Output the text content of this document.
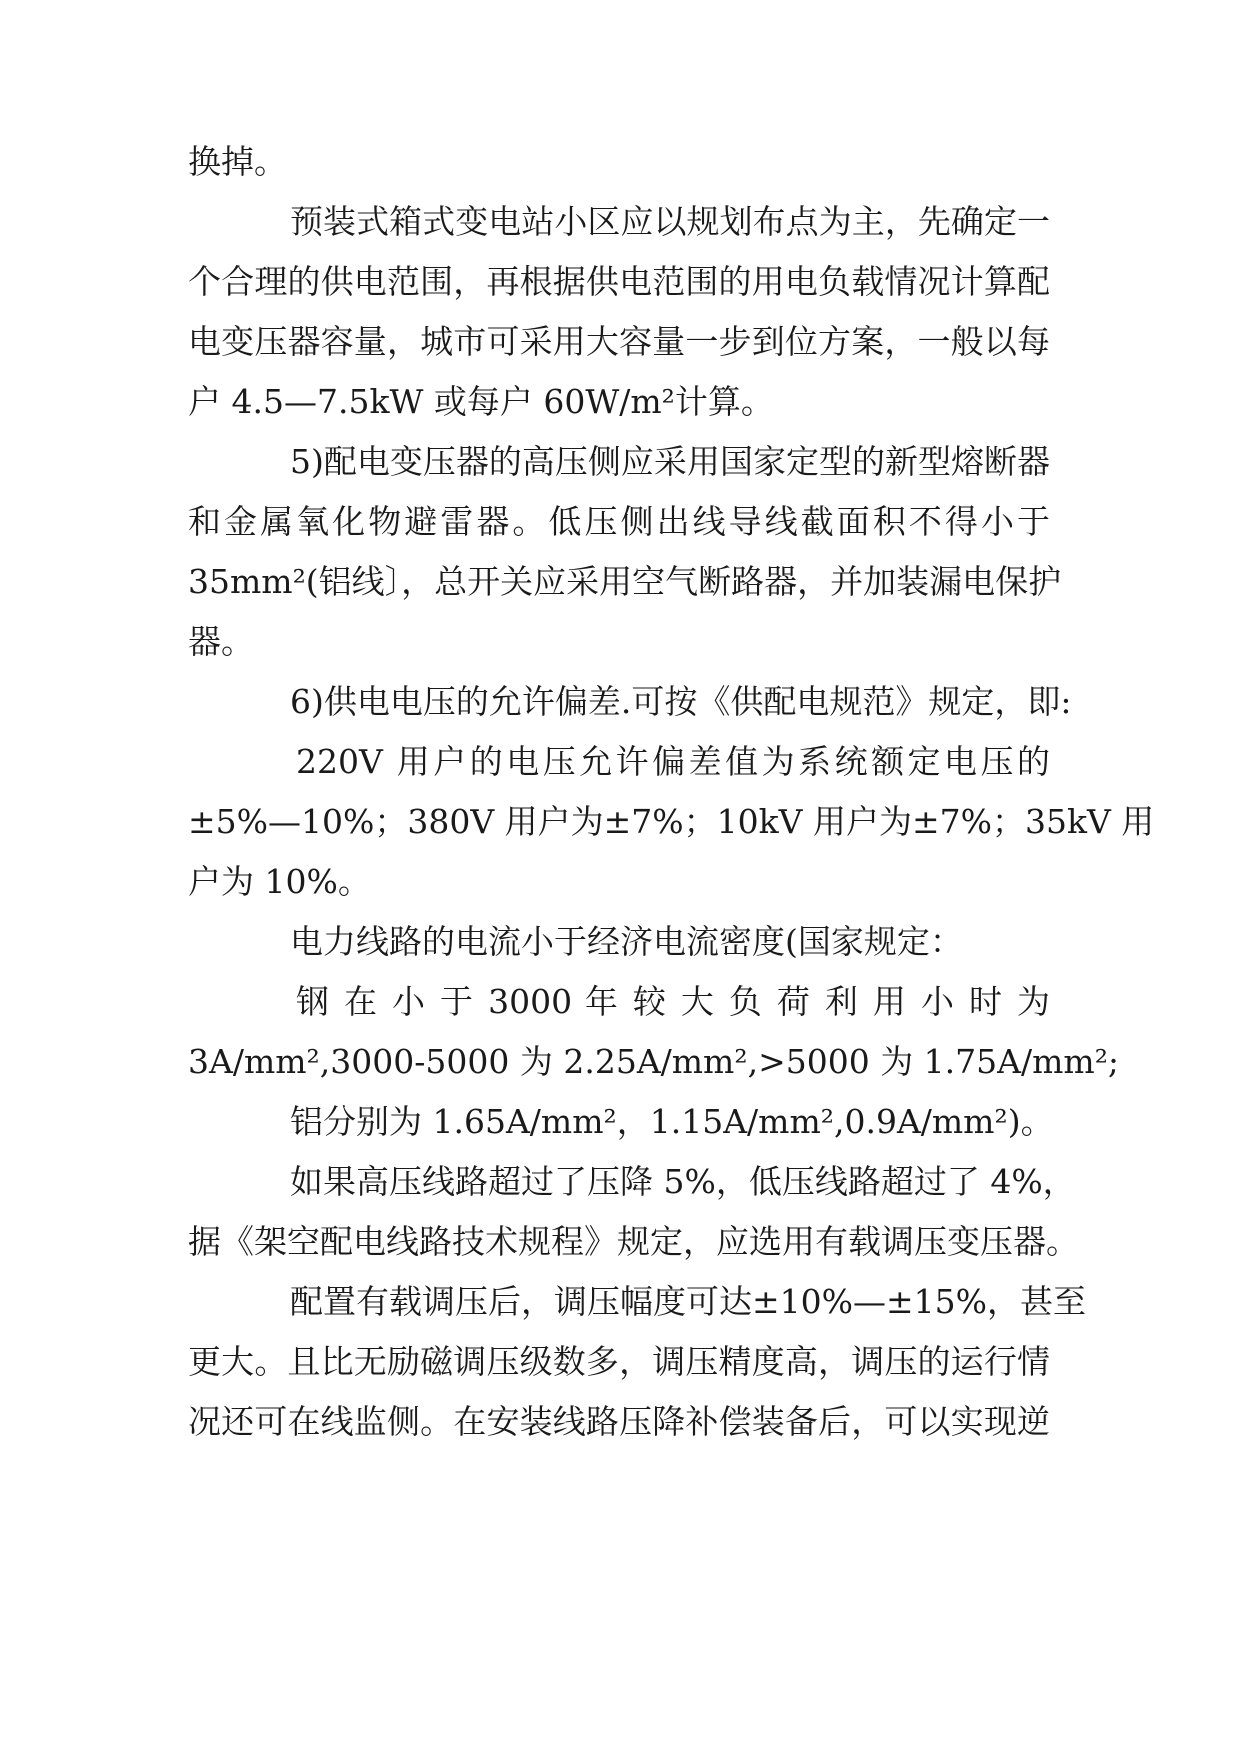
换掉。
预装式箱式变电站小区应以规划布点为主，先确定一
个合理的供电范围，再根据供电范围的用电负载情况计算配
电变压器容量，城市可采用大容量一步到位方案，一般以每
户 4.5—7.5kW 或每户 60W/m²计算。
5)配电变压器的高压侧应采用国家定型的新型熔断器
和金属氧化物避雷器。低压侧出线导线截面积不得小于
35mm²(铝线〕，总开关应采用空气断路器，并加装漏电保护
器。
6)供电电压的允许偏差.可按《供配电规范》规定，即:
220V 用户的电压允许偏差值为系统额定电压的
±5%—10%；380V 用户为±7%；10kV 用户为±7%；35kV 用
户为 10%。
电力线路的电流小于经济电流密度(国家规定：
钢 在 小 于 3000 年 较 大 负 荷 利 用 小 时 为
3A/mm²,3000-5000 为 2.25A/mm²,>5000 为 1.75A/mm²;
铝分别为 1.65A/mm²，1.15A/mm²,0.9A/mm²)。
如果高压线路超过了压降 5%，低压线路超过了 4%，
据《架空配电线路技术规程》规定，应选用有载调压变压器。
配置有载调压后，调压幅度可达±10%—±15%，甚至
更大。且比无励磁调压级数多，调压精度高，调压的运行情
况还可在线监侧。在安装线路压降补偿装备后，可以实现逆
